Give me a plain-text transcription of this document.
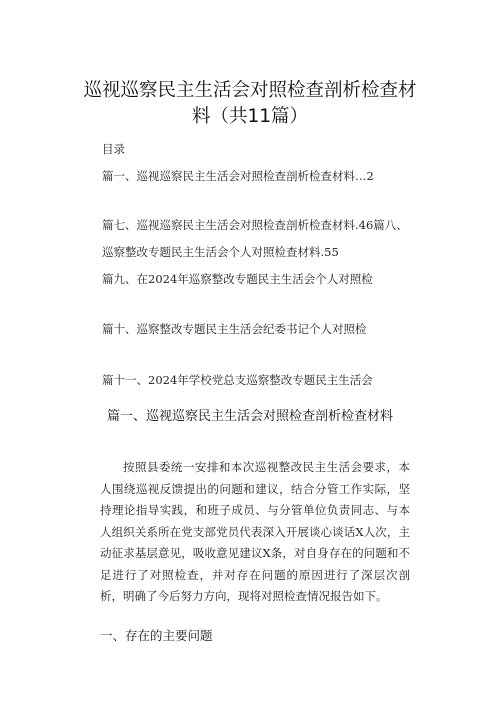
巡视巡察民主生活会对照检查剖析检查材
料（共11篇）
目录
篇一、巡视巡察民主生活会对照检查剖析检查材料…2
篇七、巡视巡察民主生活会对照检查剖析检查材料.46篇八、
巡察整改专题民主生活会个人对照检查材料.55
篇九、在2024年巡察整改专题民主生活会个人对照检
篇十、巡察整改专题民主生活会纪委书记个人对照检
篇十一、2024年学校党总支巡察整改专题民主生活会
篇一、巡视巡察民主生活会对照检查剖析检查材料
按照县委统一安排和本次巡视整改民主生活会要求，本人围绕巡视反馈提出的问题和建议，结合分管工作实际，坚持理论指导实践，和班子成员、与分管单位负责同志、与本人组织关系所在党支部党员代表深入开展谈心谈话X人次，主动征求基层意见，吸收意见建议X条，对自身存在的问题和不足进行了对照检查，并对存在问题的原因进行了深层次剖析，明确了今后努力方向，现将对照检查情况报告如下。
一、存在的主要问题
